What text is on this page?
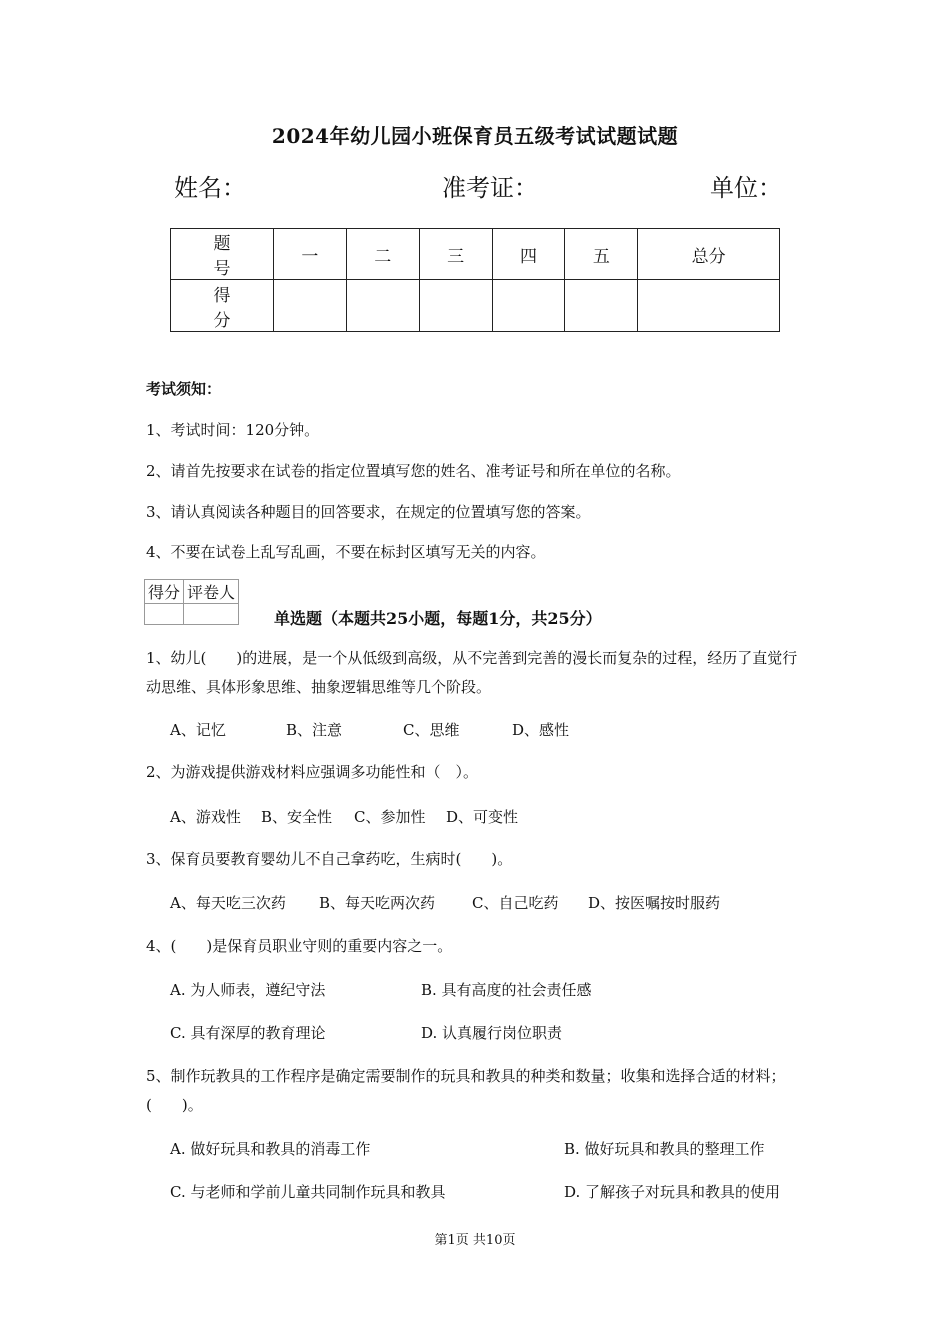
2024年幼儿园小班保育员五级考试试题试题
姓名：	准考证：	单位：
题 号	一	二	三	四	五	总分
得 分						
考试须知：
1、考试时间：120分钟。
2、请首先按要求在试卷的指定位置填写您的姓名、准考证号和所在单位的名称。
3、请认真阅读各种题目的回答要求，在规定的位置填写您的答案。
4、不要在试卷上乱写乱画，不要在标封区填写无关的内容。
得分	评卷人

单选题（本题共25小题，每题1分，共25分）
1、幼儿(　　)的进展，是一个从低级到高级，从不完善到完善的漫长而复杂的过程，经历了直觉行动思维、具体形象思维、抽象逻辑思维等几个阶段。
A、记忆	B、注意	C、思维	D、感性
2、为游戏提供游戏材料应强调多功能性和（　）。
A、游戏性 B、安全性 C、参加性 D、可变性
3、保育员要教育婴幼儿不自己拿药吃，生病时(　　)。
A、每天吃三次药 B、每天吃两次药 C、自己吃药 D、按医嘱按时服药
4、(　　)是保育员职业守则的重要内容之一。
A. 为人师表，遵纪守法	B. 具有高度的社会责任感
C. 具有深厚的教育理论	D. 认真履行岗位职责
5、制作玩教具的工作程序是确定需要制作的玩具和教具的种类和数量；收集和选择合适的材料；(　　)。
A. 做好玩具和教具的消毒工作	B. 做好玩具和教具的整理工作
C. 与老师和学前儿童共同制作玩具和教具	D. 了解孩子对玩具和教具的使用
第1页 共10页
